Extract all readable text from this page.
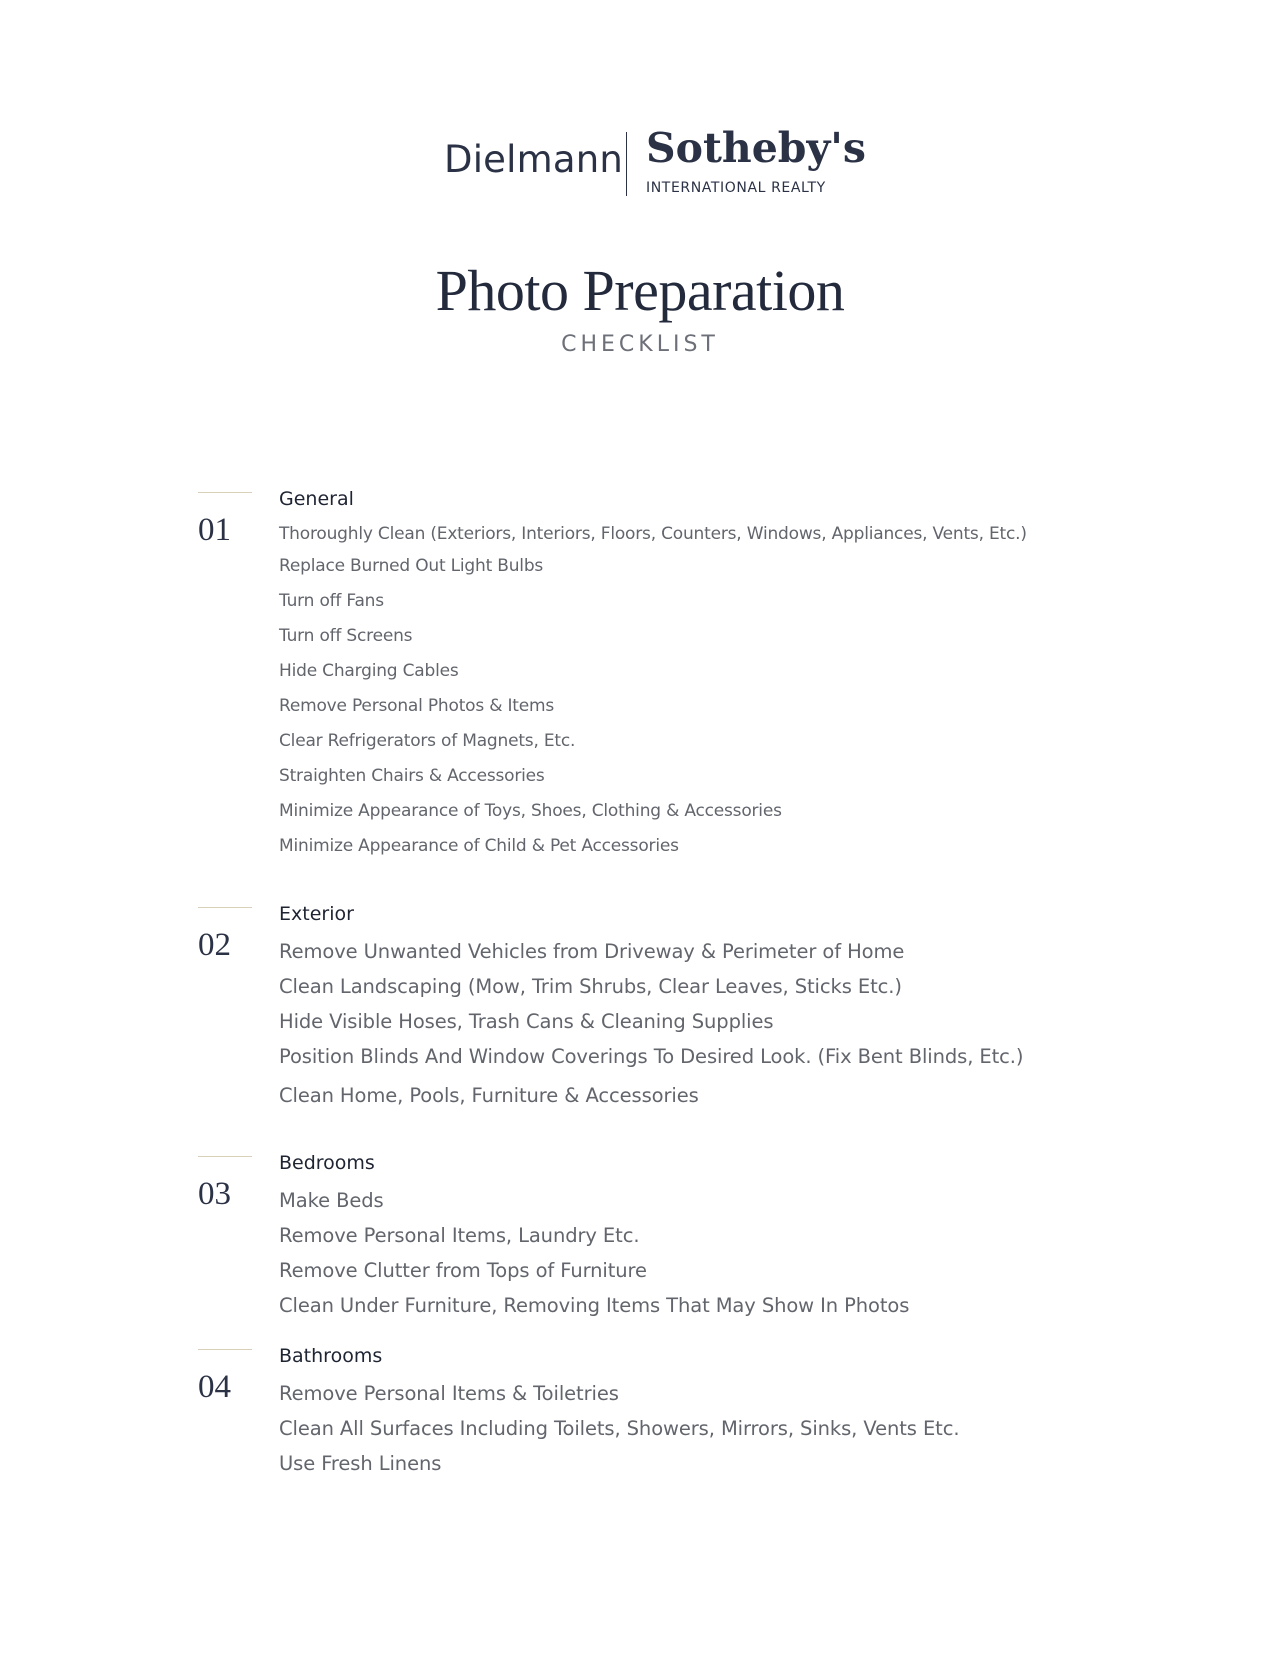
Dielmann Sotheby's
INTERNATIONAL REALTY
Photo Preparation
CHECKLIST
01
General
Thoroughly Clean (Exteriors, Interiors, Floors, Counters, Windows, Appliances, Vents, Etc.)
Replace Burned Out Light Bulbs
Turn off Fans
Turn off Screens
Hide Charging Cables
Remove Personal Photos & Items
Clear Refrigerators of Magnets, Etc.
Straighten Chairs & Accessories
Minimize Appearance of Toys, Shoes, Clothing & Accessories
Minimize Appearance of Child & Pet Accessories
02
Exterior
Remove Unwanted Vehicles from Driveway & Perimeter of Home
Clean Landscaping (Mow, Trim Shrubs, Clear Leaves, Sticks Etc.)
Hide Visible Hoses, Trash Cans & Cleaning Supplies
Position Blinds And Window Coverings To Desired Look. (Fix Bent Blinds, Etc.)
Clean Home, Pools, Furniture & Accessories
03
Bedrooms
Make Beds
Remove Personal Items, Laundry Etc.
Remove Clutter from Tops of Furniture
Clean Under Furniture, Removing Items That May Show In Photos
04
Bathrooms
Remove Personal Items & Toiletries
Clean All Surfaces Including Toilets, Showers, Mirrors, Sinks, Vents Etc.
Use Fresh Linens
